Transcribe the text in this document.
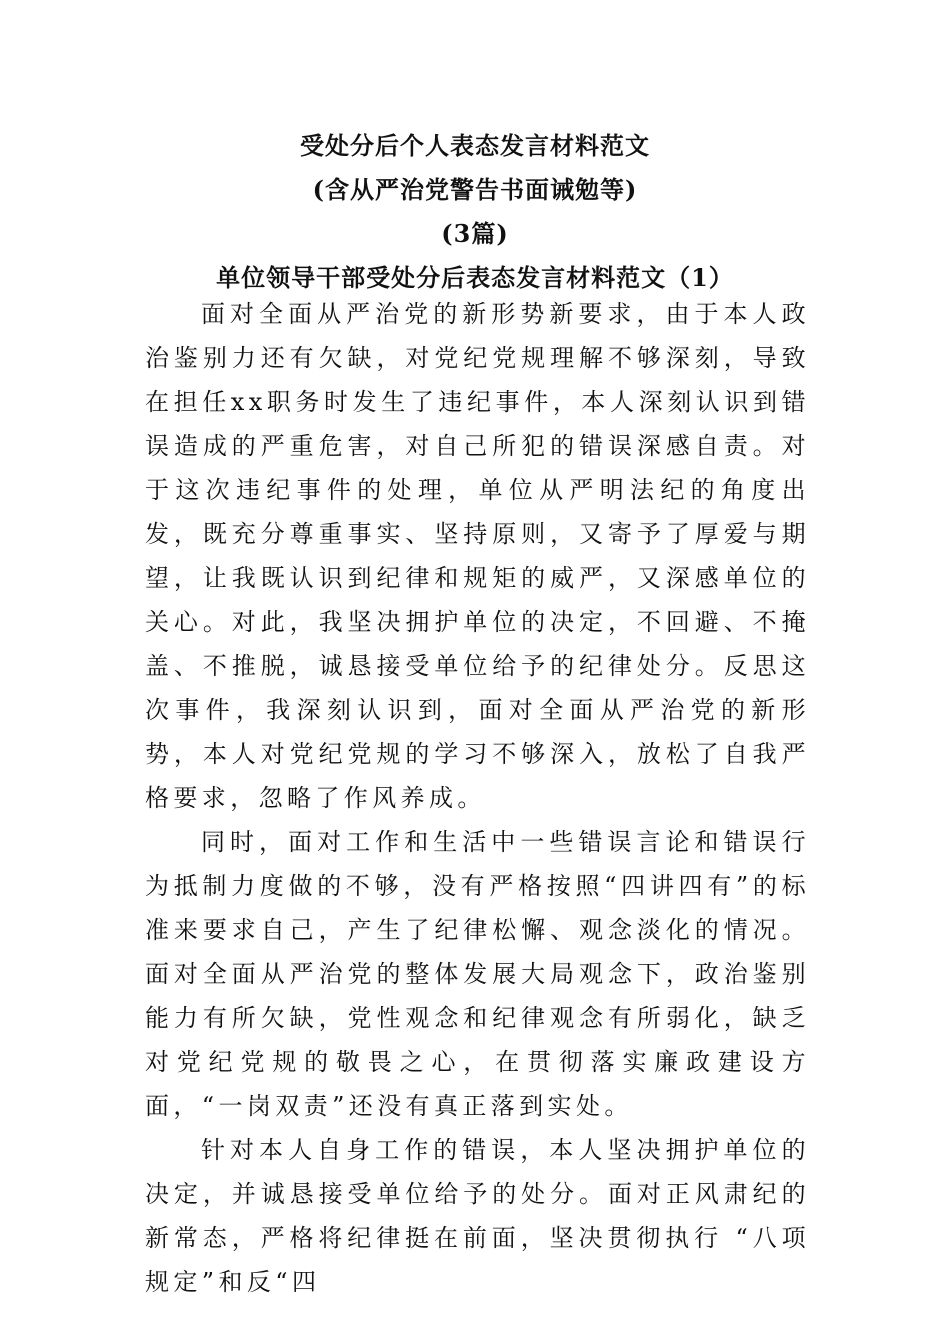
受处分后个人表态发言材料范文
(含从严治党警告书面诫勉等)
(3篇)
单位领导干部受处分后表态发言材料范文（1）

面对全面从严治党的新形势新要求，由于本人政治鉴别力还有欠缺，对党纪党规理解不够深刻，导致在担任xx职务时发生了违纪事件，本人深刻认识到错误造成的严重危害，对自己所犯的错误深感自责。对于这次违纪事件的处理，单位从严明法纪的角度出发，既充分尊重事实、坚持原则，又寄予了厚爱与期望，让我既认识到纪律和规矩的威严，又深感单位的关心。对此，我坚决拥护单位的决定，不回避、不掩盖、不推脱，诚恳接受单位给予的纪律处分。反思这次事件，我深刻认识到，面对全面从严治党的新形势，本人对党纪党规的学习不够深入，放松了自我严格要求，忽略了作风养成。

同时，面对工作和生活中一些错误言论和错误行为抵制力度做的不够，没有严格按照“四讲四有”的标准来要求自己，产生了纪律松懈、观念淡化的情况。面对全面从严治党的整体发展大局观念下，政治鉴别能力有所欠缺，党性观念和纪律观念有所弱化，缺乏对党纪党规的敬畏之心，在贯彻落实廉政建设方面，“一岗双责”还没有真正落到实处。

针对本人自身工作的错误，本人坚决拥护单位的决定，并诚恳接受单位给予的处分。面对正风肃纪的新常态，严格将纪律挺在前面，坚决贯彻执行 “八项规定”和反“四
